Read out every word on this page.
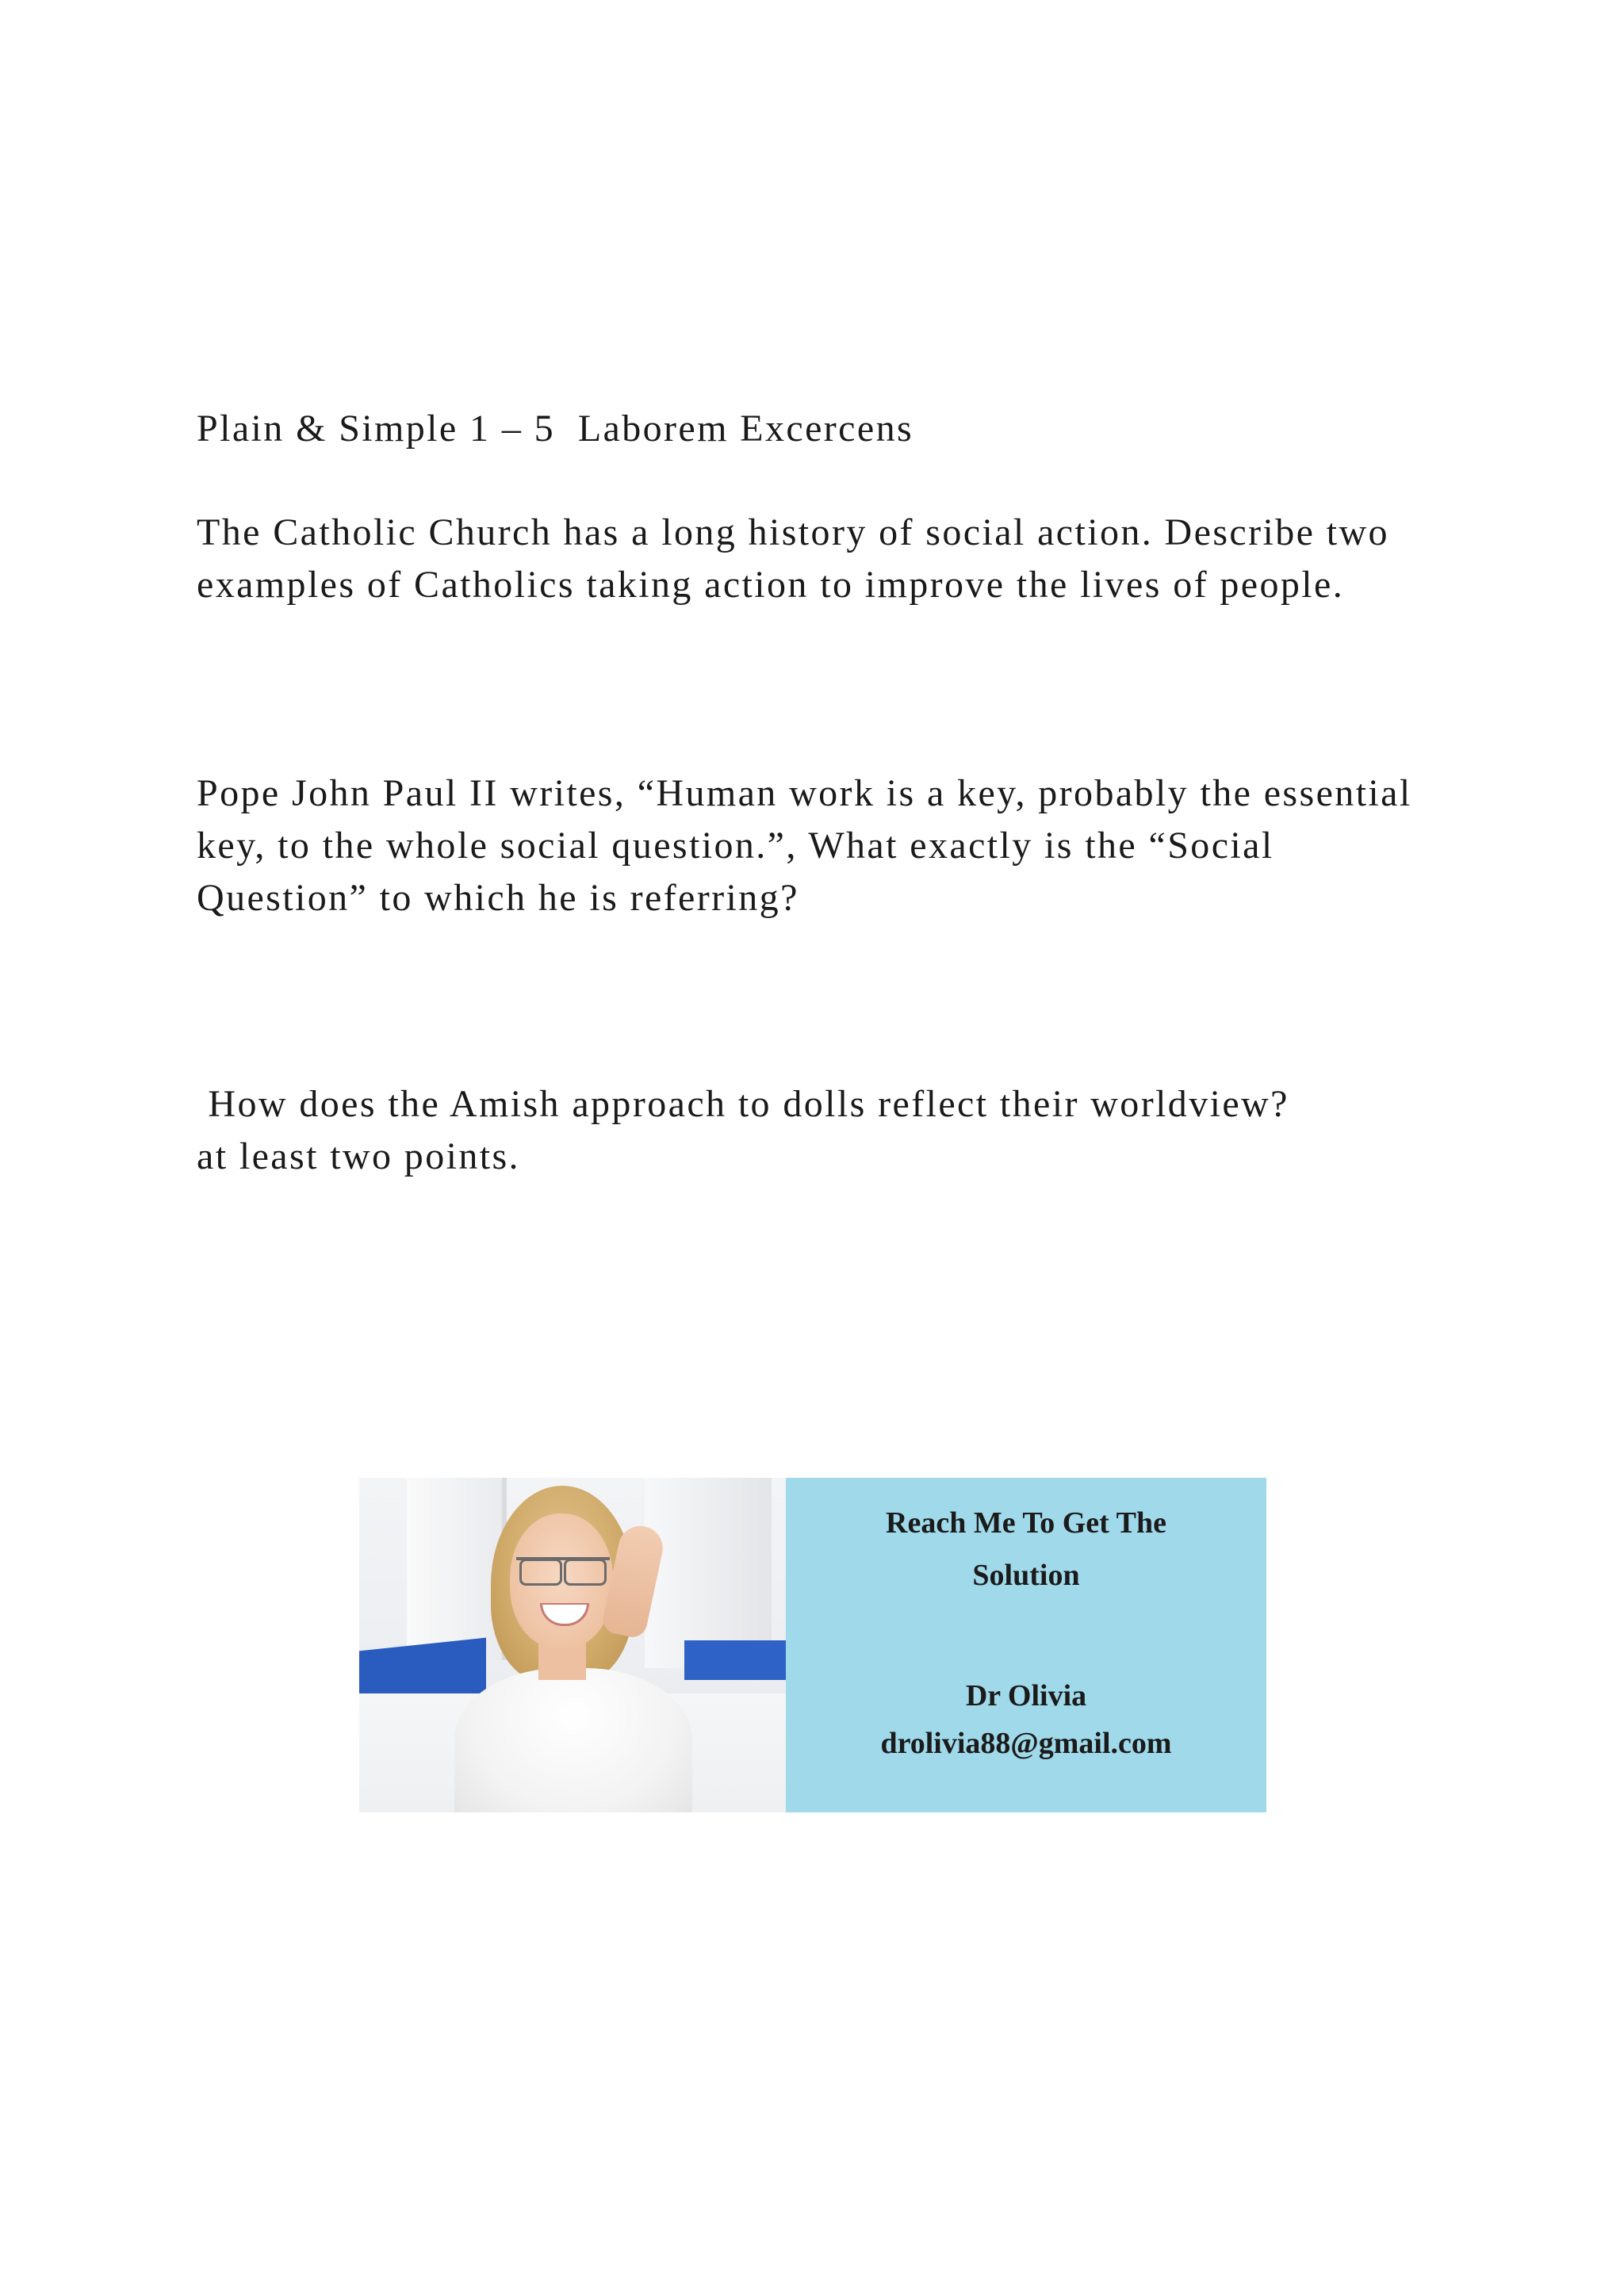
Plain & Simple 1 – 5  Laborem Excercens

The Catholic Church has a long history of social action. Describe two examples of Catholics taking action to improve the lives of people.

Pope John Paul II writes, “Human work is a key, probably the essential key, to the whole social question.”, What exactly is the “Social Question” to which he is referring?

How does the Amish approach to dolls reflect their worldview?
at least two points.

Reach Me To Get The
Solution
Dr Olivia
drolivia88@gmail.com
